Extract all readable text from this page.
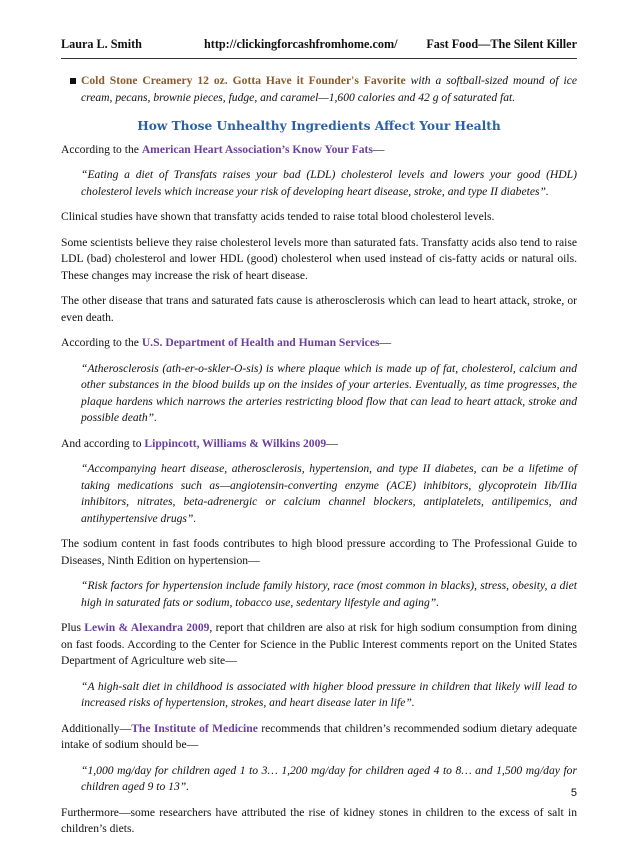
Laura L. Smith	http://clickingforcashfromhome.com/ Fast Food—The Silent Killer
Cold Stone Creamery 12 oz. Gotta Have it Founder's Favorite with a softball-sized mound of ice cream, pecans, brownie pieces, fudge, and caramel—1,600 calories and 42 g of saturated fat.
How Those Unhealthy Ingredients Affect Your Health

According to the American Heart Association’s Know Your Fats—

“Eating a diet of Transfats raises your bad (LDL) cholesterol levels and lowers your good (HDL) cholesterol levels which increase your risk of developing heart disease, stroke, and type II diabetes”.

Clinical studies have shown that transfatty acids tended to raise total blood cholesterol levels.

Some scientists believe they raise cholesterol levels more than saturated fats. Transfatty acids also tend to raise LDL (bad) cholesterol and lower HDL (good) cholesterol when used instead of cis-fatty acids or natural oils. These changes may increase the risk of heart disease.

The other disease that trans and saturated fats cause is atherosclerosis which can lead to heart attack, stroke, or even death.

According to the U.S. Department of Health and Human Services—

“Atherosclerosis (ath-er-o-skler-O-sis) is where plaque which is made up of fat, cholesterol, calcium and other substances in the blood builds up on the insides of your arteries. Eventually, as time progresses, the plaque hardens which narrows the arteries restricting blood flow that can lead to heart attack, stroke and possible death”.

And according to Lippincott, Williams & Wilkins 2009—

“Accompanying heart disease, atherosclerosis, hypertension, and type II diabetes, can be a lifetime of taking medications such as—angiotensin-converting enzyme (ACE) inhibitors, glycoprotein Iib/IIia inhibitors, nitrates, beta-adrenergic or calcium channel blockers, antiplatelets, antilipemics, and antihypertensive drugs”.

The sodium content in fast foods contributes to high blood pressure according to The Professional Guide to Diseases, Ninth Edition on hypertension—

“Risk factors for hypertension include family history, race (most common in blacks), stress, obesity, a diet high in saturated fats or sodium, tobacco use, sedentary lifestyle and aging”.

Plus Lewin & Alexandra 2009, report that children are also at risk for high sodium consumption from dining on fast foods. According to the Center for Science in the Public Interest comments report on the United States Department of Agriculture web site—

“A high-salt diet in childhood is associated with higher blood pressure in children that likely will lead to increased risks of hypertension, strokes, and heart disease later in life”.

Additionally—The Institute of Medicine recommends that children’s recommended sodium dietary adequate intake of sodium should be—

“1,000 mg/day for children aged 1 to 3… 1,200 mg/day for children aged 4 to 8… and 1,500 mg/day for children aged 9 to 13”.

Furthermore—some researchers have attributed the rise of kidney stones in children to the excess of salt in children’s diets.

5
